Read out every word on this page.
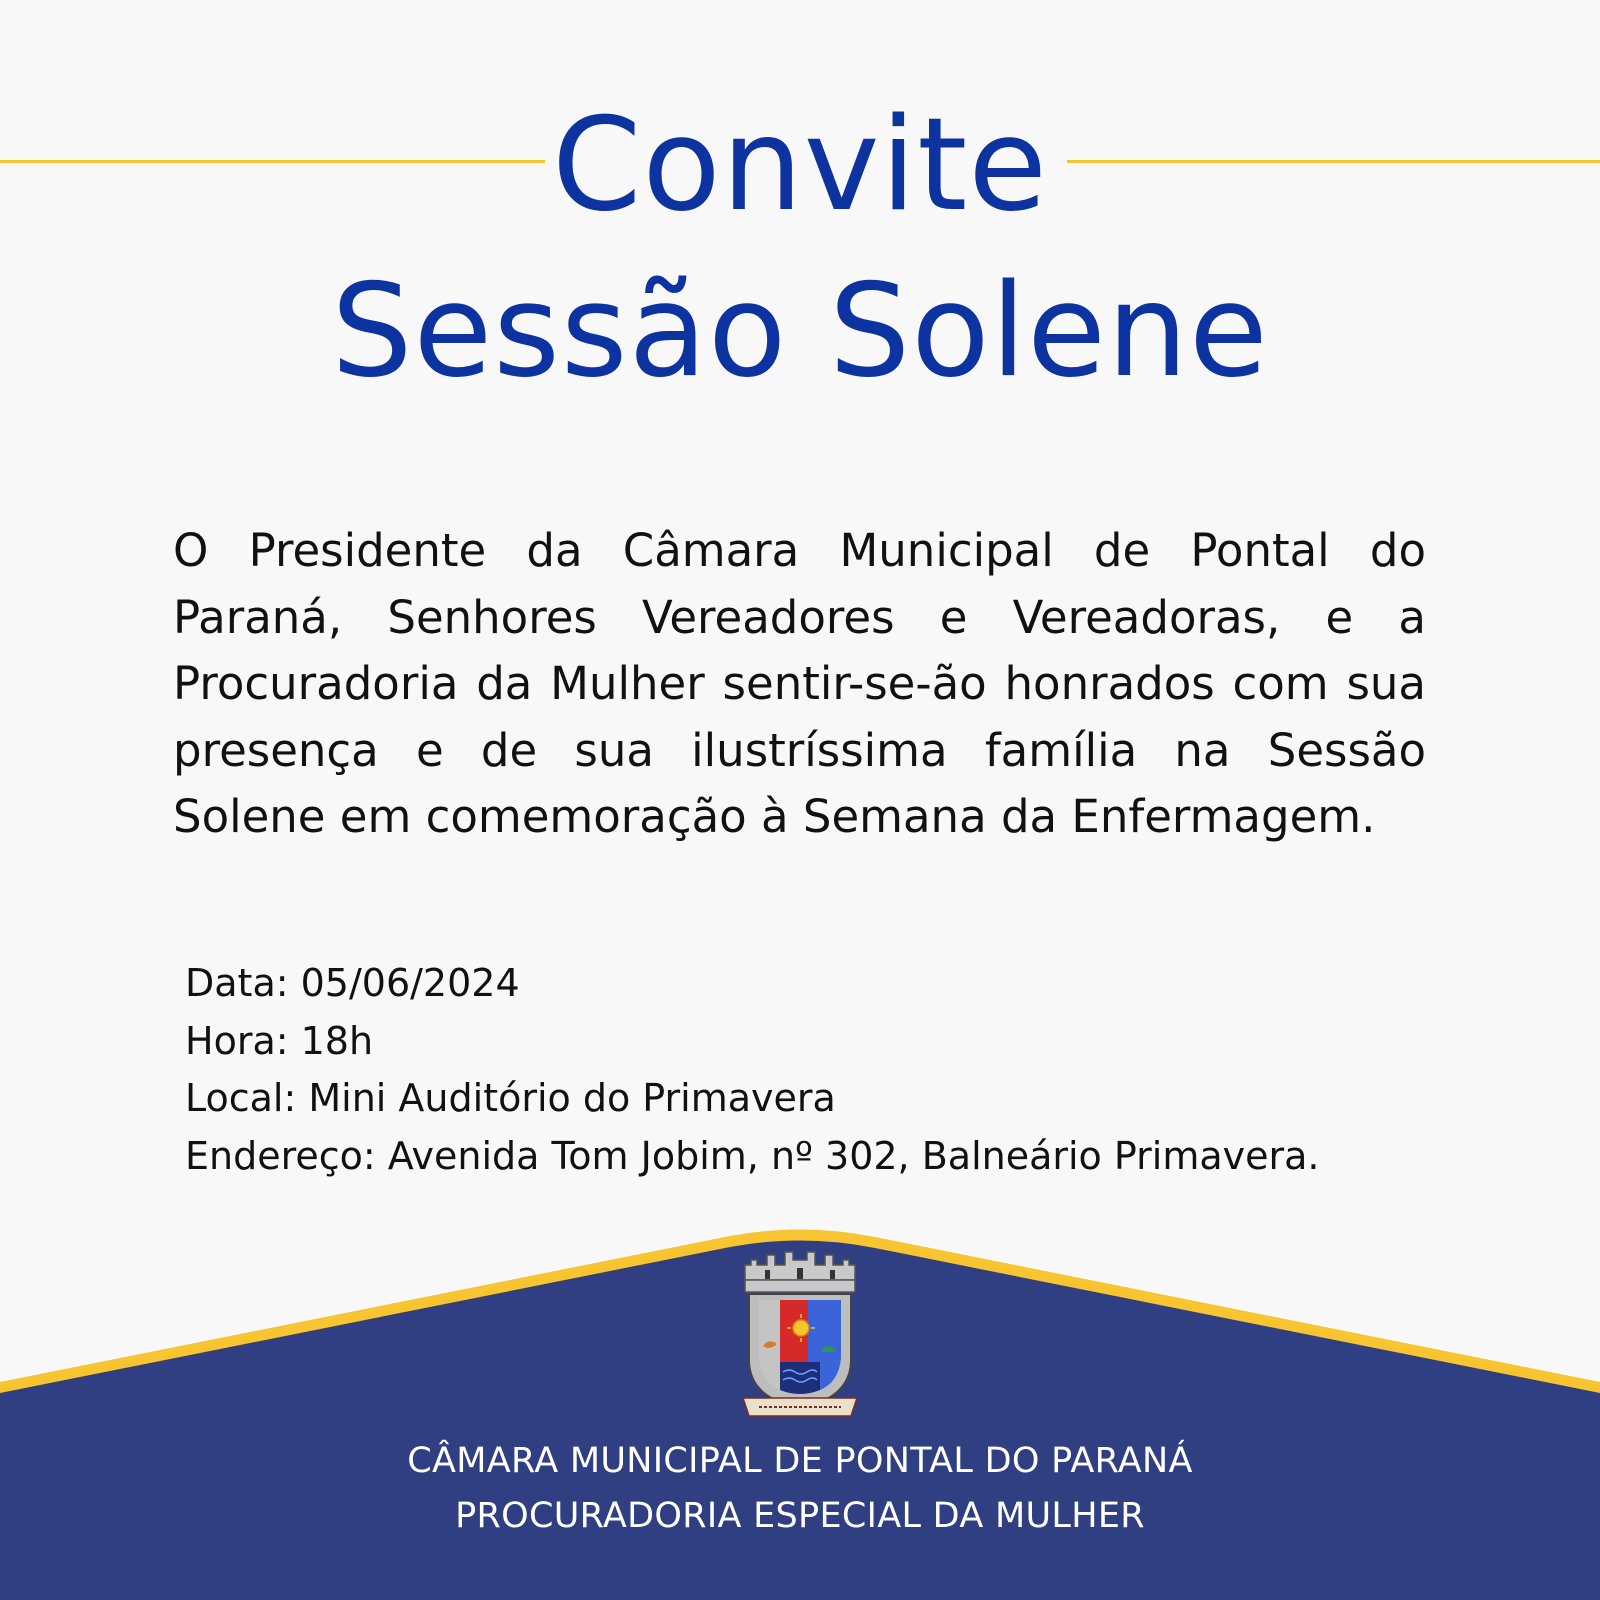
Convite
Sessão Solene

O Presidente da Câmara Municipal de Pontal do Paraná, Senhores Vereadores e Vereadoras, e a Procuradoria da Mulher sentir-se-ão honrados com sua presença e de sua ilustríssima família na Sessão Solene em comemoração à Semana da Enfermagem.

Data: 05/06/2024
Hora: 18h
Local: Mini Auditório do Primavera
Endereço: Avenida Tom Jobim, nº 302, Balneário Primavera.

CÂMARA MUNICIPAL DE PONTAL DO PARANÁ

PROCURADORIA ESPECIAL DA MULHER
